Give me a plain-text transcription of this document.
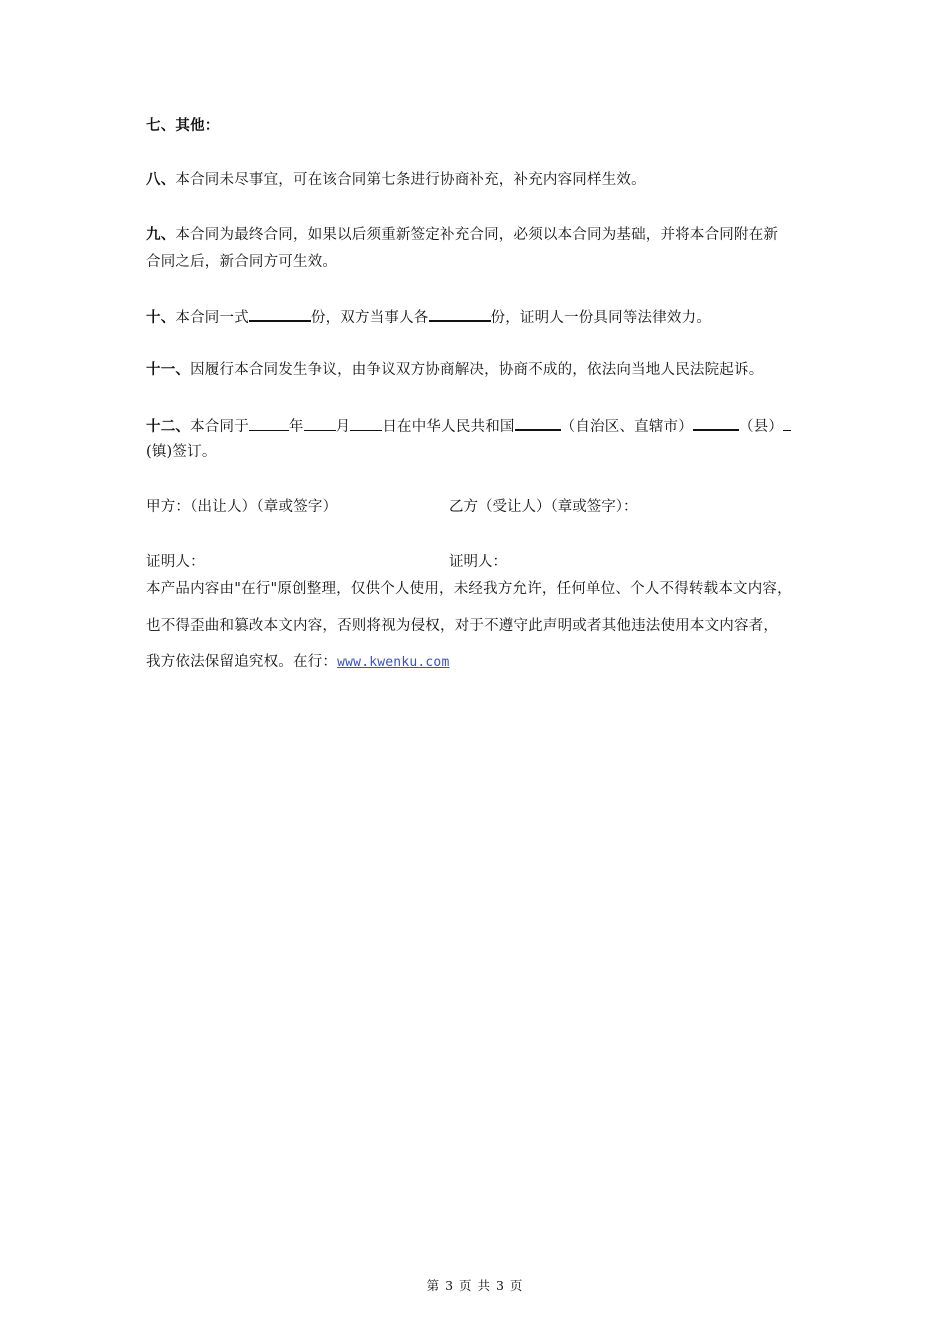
七、其他：
八、本合同未尽事宜，可在该合同第七条进行协商补充，补充内容同样生效。
九、本合同为最终合同，如果以后须重新签定补充合同，必须以本合同为基础，并将本合同附在新
合同之后，新合同方可生效。
十、本合同一式	份，双方当事人各	份，证明人一份具同等法律效力。
十一、因履行本合同发生争议，由争议双方协商解决，协商不成的，依法向当地人民法院起诉。
十二、本合同于	年 月 日在中华人民共和国	（自治区、直辖市）	（县）
(镇)签订。
甲方：（出让人）（章或签字）	乙方（受让人）（章或签字）：
证明人：	证明人：
本产品内容由"在行"原创整理，仅供个人使用，未经我方允许，任何单位、个人不得转载本文内容，
也不得歪曲和篡改本文内容，否则将视为侵权，对于不遵守此声明或者其他违法使用本文内容者，
我方依法保留追究权。在行：www.kwenku.com
第 3 页 共 3 页
